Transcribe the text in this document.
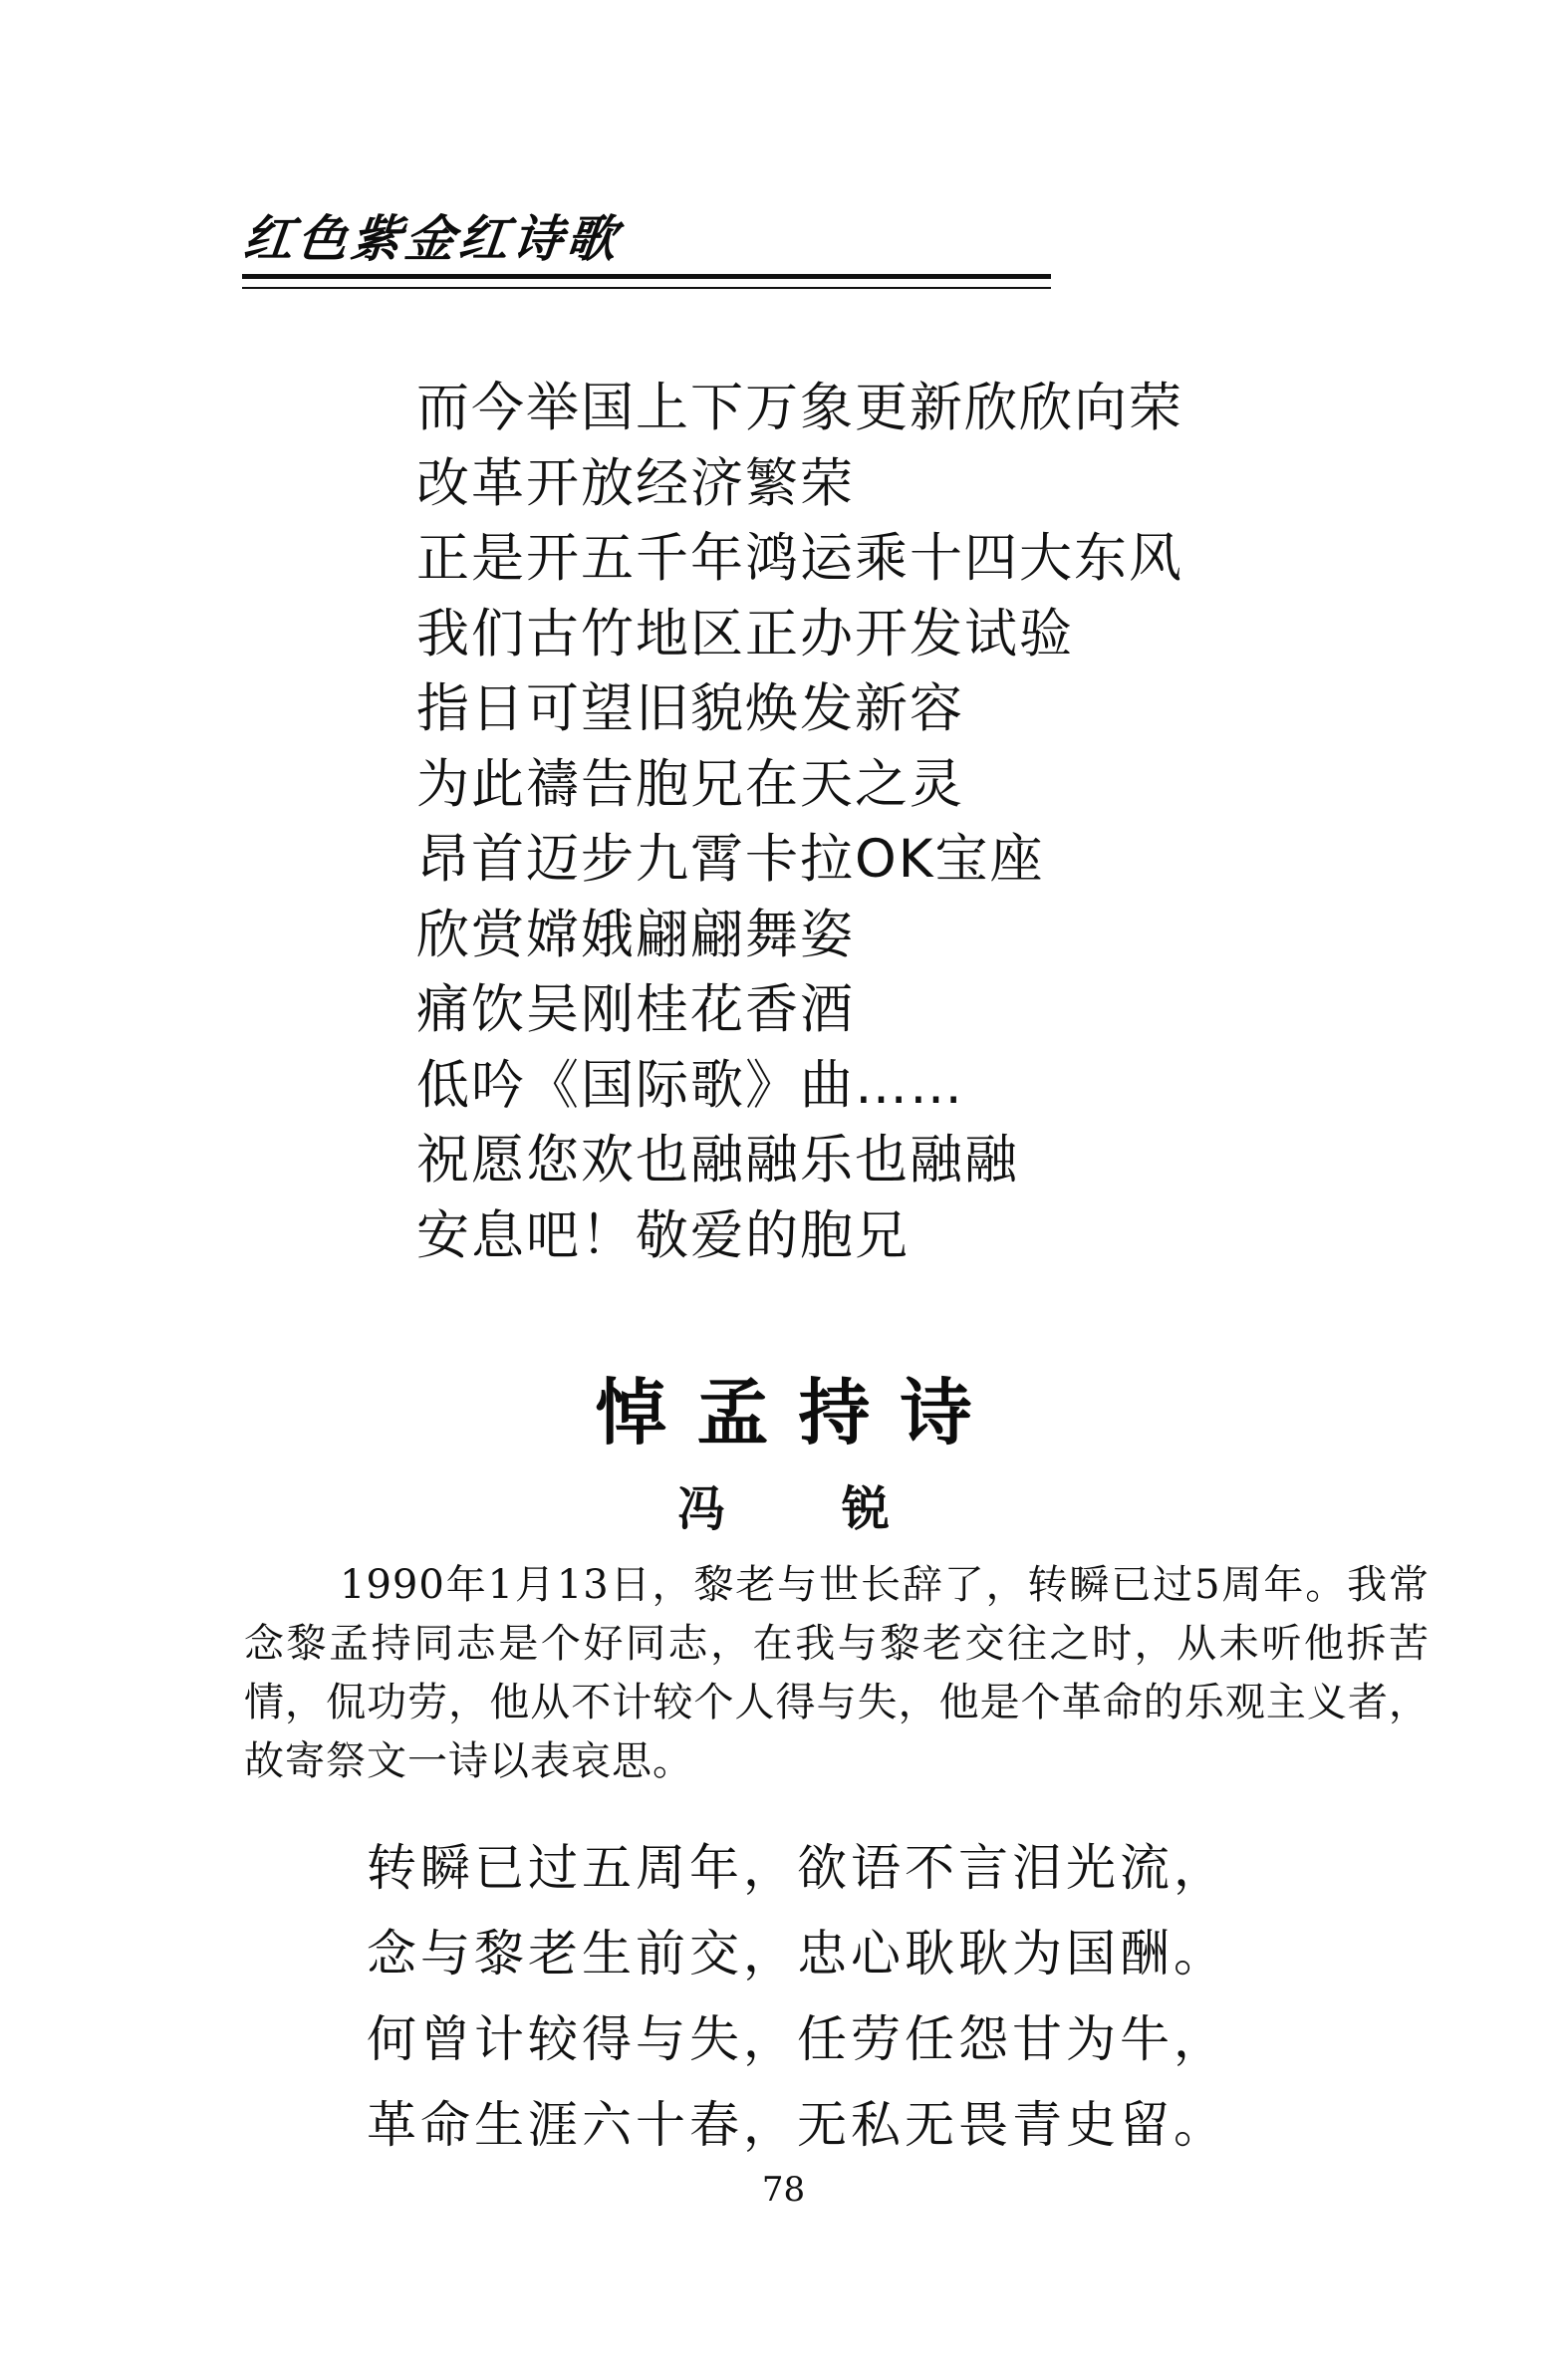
红色紫金红诗歌
而今举国上下万象更新欣欣向荣
改革开放经济繁荣
正是开五千年鸿运乘十四大东风
我们古竹地区正办开发试验
指日可望旧貌焕发新容
为此禱告胞兄在天之灵
昂首迈步九霄卡拉OK宝座
欣赏嫦娥翩翩舞姿
痛饮吴刚桂花香酒
低吟《国际歌》曲……
祝愿您欢也融融乐也融融
安息吧！敬爱的胞兄
悼孟持诗
冯 锐

1990年1月13日，黎老与世长辞了，转瞬已过5周年。我常念黎孟持同志是个好同志，在我与黎老交往之时，从未听他拆苦情，侃功劳，他从不计较个人得与失，他是个革命的乐观主义者，故寄祭文一诗以表哀思。

转瞬已过五周年，欲语不言泪光流，
念与黎老生前交，忠心耿耿为国酬。
何曾计较得与失，任劳任怨甘为牛，
革命生涯六十春，无私无畏青史留。
78
